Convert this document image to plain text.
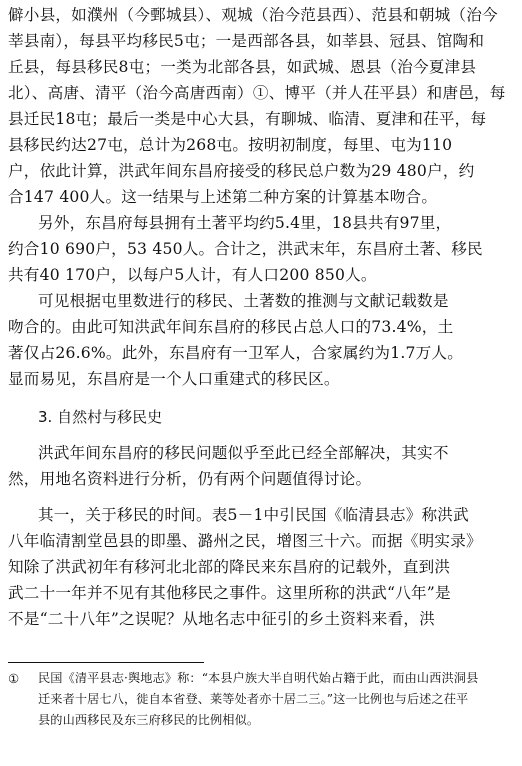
僻小县，如濮州（今鄄城县）、观城（治今范县西）、范县和朝城（治今
莘县南），每县平均移民5屯；一是西部各县，如莘县、冠县、馆陶和
丘县，每县移民8屯；一类为北部各县，如武城、恩县（治今夏津县
北）、高唐、清平（治今高唐西南）①、博平（并人茌平县）和唐邑，每
县迁民18屯；最后一类是中心大县，有聊城、临清、夏津和茌平，每
县移民约达27屯，总计为268屯。按明初制度，每里、屯为110
户，依此计算，洪武年间东昌府接受的移民总户数为29 480户，约
合147 400人。这一结果与上述第二种方案的计算基本吻合。
另外，东昌府每县拥有土著平均约5.4里，18县共有97里，
约合10 690户，53 450人。合计之，洪武末年，东昌府土著、移民
共有40 170户，以每户5人计，有人口200 850人。
可见根据屯里数进行的移民、土著数的推测与文献记载数是
吻合的。由此可知洪武年间东昌府的移民占总人口的73.4%，土
著仅占26.6%。此外，东昌府有一卫军人，合家属约为1.7万人。
显而易见，东昌府是一个人口重建式的移民区。
3. 自然村与移民史
洪武年间东昌府的移民问题似乎至此已经全部解决，其实不
然，用地名资料进行分析，仍有两个问题值得讨论。
其一，关于移民的时间。表5－1中引民国《临清县志》称洪武
八年临清割堂邑县的即墨、潞州之民，增图三十六。而据《明实录》
知除了洪武初年有移河北北部的降民来东昌府的记载外，直到洪
武二十一年并不见有其他移民之事件。这里所称的洪武“八年”是
不是“二十八年”之误呢？从地名志中征引的乡土资料来看，洪
① 民国《清平县志·舆地志》称：“本县户族大半自明代始占籍于此，而由山西洪洞县
迁来者十居七八，徙自本省登、莱等处者亦十居二三。”这一比例也与后述之茌平
县的山西移民及东三府移民的比例相似。
